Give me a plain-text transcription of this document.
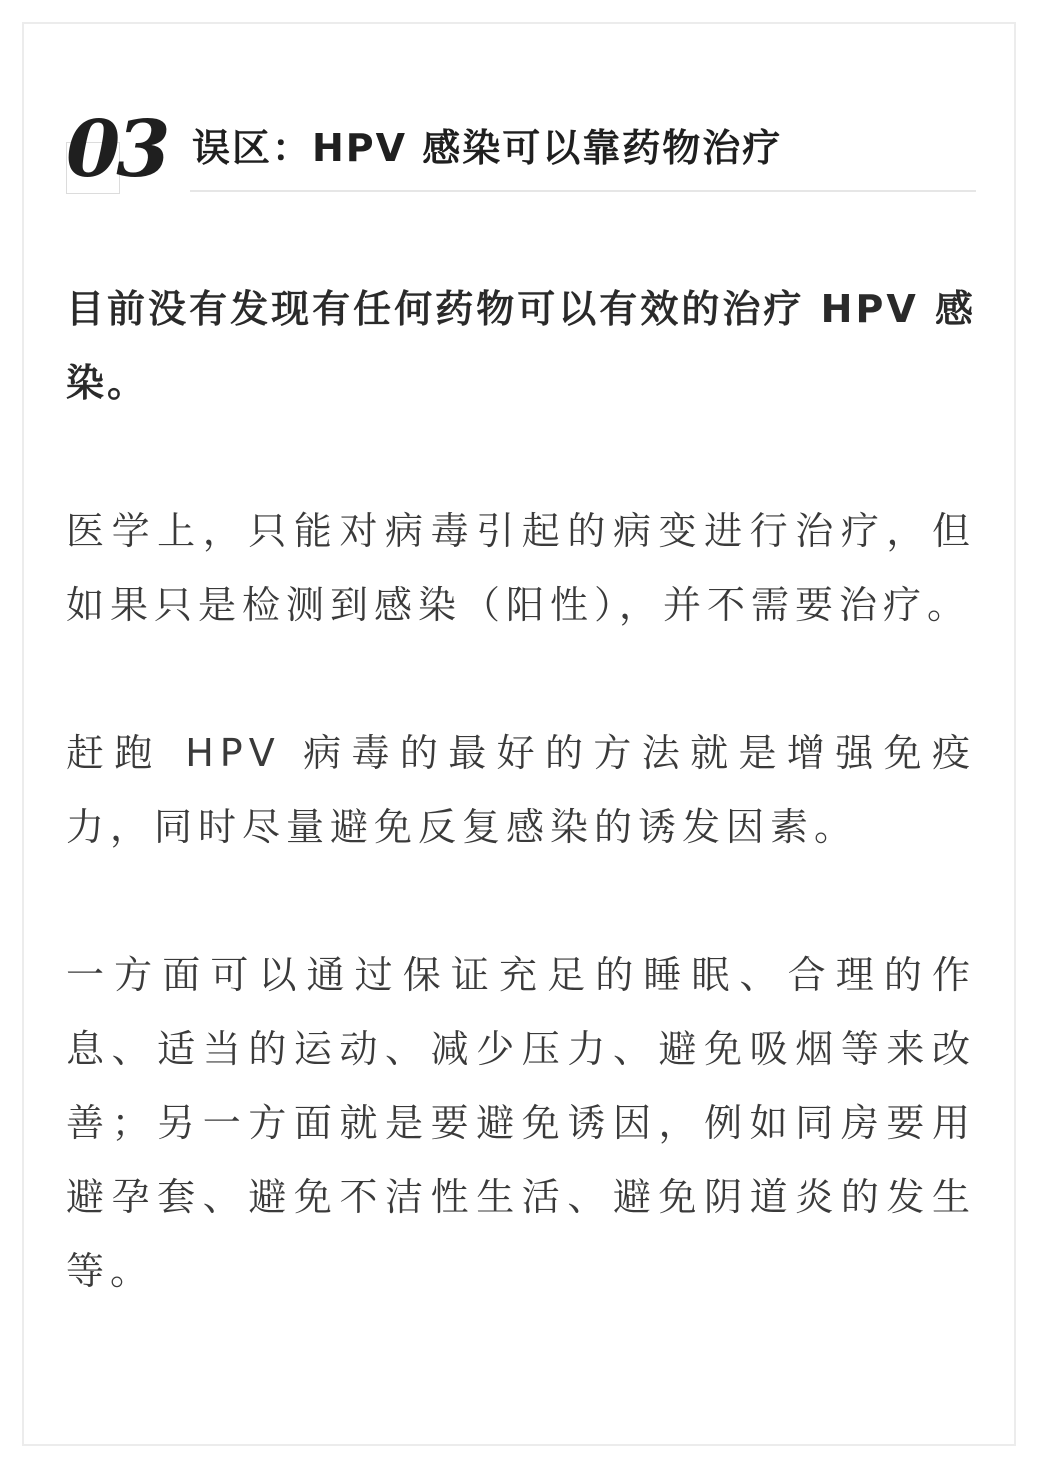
03 误区：HPV 感染可以靠药物治疗

目前没有发现有任何药物可以有效的治疗 HPV 感染。

医学上，只能对病毒引起的病变进行治疗，但如果只是检测到感染（阳性），并不需要治疗。

赶跑 HPV 病毒的最好的方法就是增强免疫力，同时尽量避免反复感染的诱发因素。

一方面可以通过保证充足的睡眠、合理的作息、适当的运动、减少压力、避免吸烟等来改善；另一方面就是要避免诱因，例如同房要用避孕套、避免不洁性生活、避免阴道炎的发生等。
